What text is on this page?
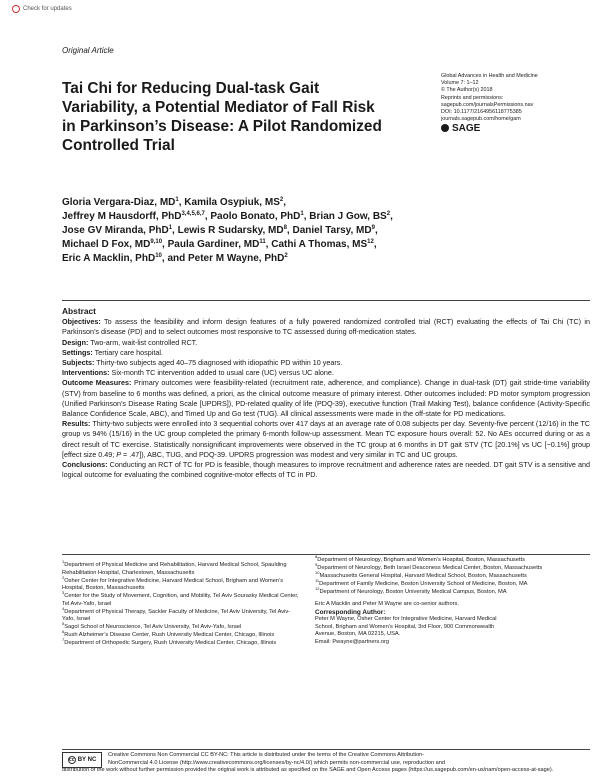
Check for updates
Original Article
Tai Chi for Reducing Dual-task Gait
Variability, a Potential Mediator of Fall Risk
in Parkinson’s Disease: A Pilot Randomized
Controlled Trial
Global Advances in Health and Medicine
Volume 7: 1–12
© The Author(s) 2018
Reprints and permissions:
sagepub.com/journalsPermissions.nav
DOI: 10.1177/2164956118775385
journals.sagepub.com/home/gam
SAGE
Gloria Vergara-Diaz, $MD^1$, Kamila Osypiuk, $MS^2$,
Jeffrey M Hausdorff, PhD$^{3,4,5,6,7}$, Paolo Bonato, PhD$^1$, Brian J Gow, $BS^2$,
Jose GV Miranda, PhD$^1$, Lewis R Sudarsky, $MD^8$, Daniel Tarsy, $MD^9$,
Michael D Fox, MD$^{9,10}$, Paula Gardiner, MD$^{11}$, Cathi A Thomas, MS$^{12}$,
Eric A Macklin, PhD$^{10}$, and Peter M Wayne, PhD$^2$
Abstract

Objectives: To assess the feasibility and inform design features of a fully powered randomized controlled trial (RCT) evaluating the effects of Tai Chi (TC) in Parkinson’s disease (PD) and to select outcomes most responsive to TC assessed during off-medication states.

Design: Two-arm, wait-list controlled RCT.

Settings: Tertiary care hospital.

Subjects: Thirty-two subjects aged 40–75 diagnosed with idiopathic PD within 10 years.

Interventions: Six-month TC intervention added to usual care (UC) versus UC alone.

Outcome Measures: Primary outcomes were feasibility-related (recruitment rate, adherence, and compliance). Change in dual-task (DT) gait stride-time variability (STV) from baseline to 6 months was defined, a priori, as the clinical outcome measure of primary interest. Other outcomes included: PD motor symptom progression (Unified Parkinson’s Disease Rating Scale [UPDRS]), PD-related quality of life (PDQ-39), executive function (Trail Making Test), balance confidence (Activity-Specific Balance Confidence Scale, ABC), and Timed Up and Go test (TUG). All clinical assessments were made in the off-state for PD medications.

Results: Thirty-two subjects were enrolled into 3 sequential cohorts over 417 days at an average rate of 0.08 subjects per day. Seventy-five percent (12/16) in the TC group vs 94% (15/16) in the UC group completed the primary 6-month follow-up assessment. Mean TC exposure hours overall: 52. No AEs occurred during or as a direct result of TC exercise. Statistically nonsignificant improvements were observed in the TC group at 6 months in DT gait STV (TC [20.1%] vs UC [−0.1%] group [effect size 0.49; P = .47]), ABC, TUG, and PDQ-39. UPDRS progression was modest and very similar in TC and UC groups.

Conclusions: Conducting an RCT of TC for PD is feasible, though measures to improve recruitment and adherence rates are needed. DT gait STV is a sensitive and logical outcome for evaluating the combined cognitive-motor effects of TC in PD.

$^1$Department of Physical Medicine and Rehabilitation, Harvard Medical School, Spaulding Rehabilitation Hospital, Charlestown, Massachusetts

$^2$Osher Center for Integrative Medicine, Harvard Medical School, Brigham and Women’s Hospital, Boston, Massachusetts

$^3$Center for the Study of Movement, Cognition, and Mobility, Tel Aviv Sourasky Medical Center, Tel Aviv-Yafo, Israel

$^4$Department of Physical Therapy, Sackler Faculty of Medicine, Tel Aviv University, Tel Aviv-Yafo, Israel

$^5$Sagol School of Neuroscience, Tel Aviv University, Tel Aviv-Yafo, Israel

$^6$Rush Alzheimer’s Disease Center, Rush University Medical Center, Chicago, Illinois

$^7$Department of Orthopedic Surgery, Rush University Medical Center, Chicago, Illinois

$^8$Department of Neurology, Brigham and Women’s Hospital, Boston, Massachusetts

$^9$Department of Neurology, Beth Israel Deaconess Medical Center, Boston, Massachusetts

$^{10}$Massachusetts General Hospital, Harvard Medical School, Boston, Massachusetts

$^{11}$Department of Family Medicine, Boston University School of Medicine, Boston, MA

$^{12}$Department of Neurology, Boston University Medical Campus, Boston, MA

Eric A Macklin and Peter M Wayne are co-senior authors.

Corresponding Author:
Peter M Wayne, Osher Center for Integrative Medicine, Harvard Medical
School, Brigham and Women’s Hospital, 3rd Floor, 900 Commonwealth
Avenue, Boston, MA 02215, USA.
Email: Pwayne@partners.org
Creative Commons Non Commercial CC BY-NC: This article is distributed under the terms of the Creative Commons Attribution-
NonCommercial 4.0 License (http://www.creativecommons.org/licenses/by-nc/4.0/) which permits non-commercial use, reproduction and
distribution of the work without further permission provided the original work is attributed as specified on the SAGE and Open Access pages (https://us.sagepub.com/en-us/nam/open-access-at-sage).
cc BY NC
